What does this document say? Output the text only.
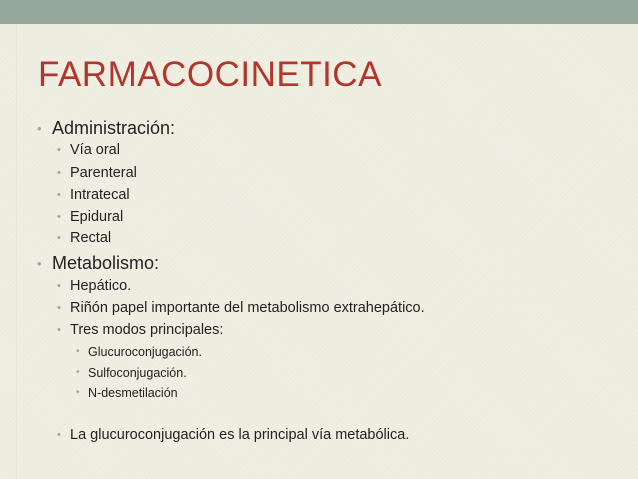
FARMACOCINETICA
• Administración:
• Vía oral
• Parenteral
• Intratecal
• Epidural
• Rectal
• Metabolismo:
• Hepático.
• Riñón papel importante del metabolismo extrahepático.
• Tres modos principales:
• Glucuroconjugación.
• Sulfoconjugación.
• N-desmetilación
• La glucuroconjugación es la principal vía metabólica.
